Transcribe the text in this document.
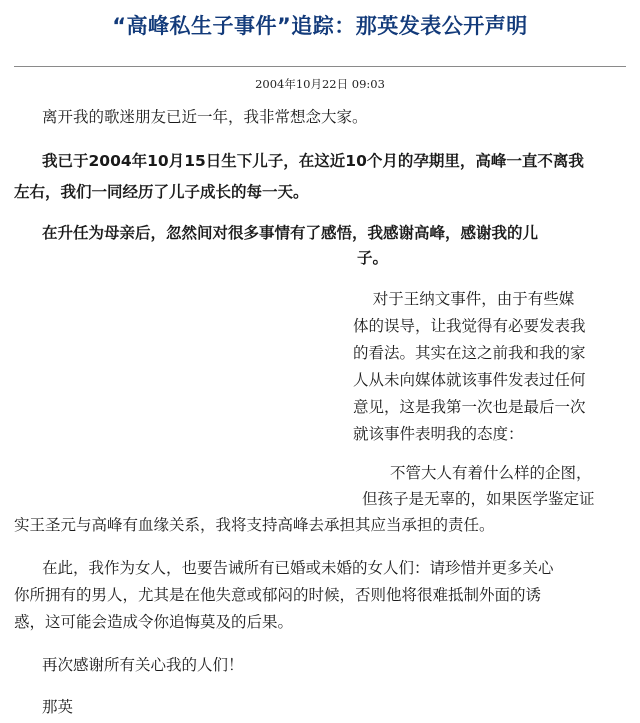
“高峰私生子事件”追踪：那英发表公开声明
2004年10月22日 09:03
离开我的歌迷朋友已近一年，我非常想念大家。
我已于2004年10月15日生下儿子，在这近10个月的孕期里，高峰一直不离我
左右，我们一同经历了儿子成长的每一天。
在升任为母亲后，忽然间对很多事情有了感悟，我感谢高峰，感谢我的儿
子。
对于王纳文事件，由于有些媒
体的误导，让我觉得有必要发表我
的看法。其实在这之前我和我的家
人从未向媒体就该事件发表过任何
意见，这是我第一次也是最后一次
就该事件表明我的态度：
不管大人有着什么样的企图，
但孩子是无辜的，如果医学鉴定证
实王圣元与高峰有血缘关系，我将支持高峰去承担其应当承担的责任。
在此，我作为女人，也要告诫所有已婚或未婚的女人们：请珍惜并更多关心
你所拥有的男人，尤其是在他失意或郁闷的时候，否则他将很难抵制外面的诱
惑，这可能会造成令你追悔莫及的后果。
再次感谢所有关心我的人们！
那英
